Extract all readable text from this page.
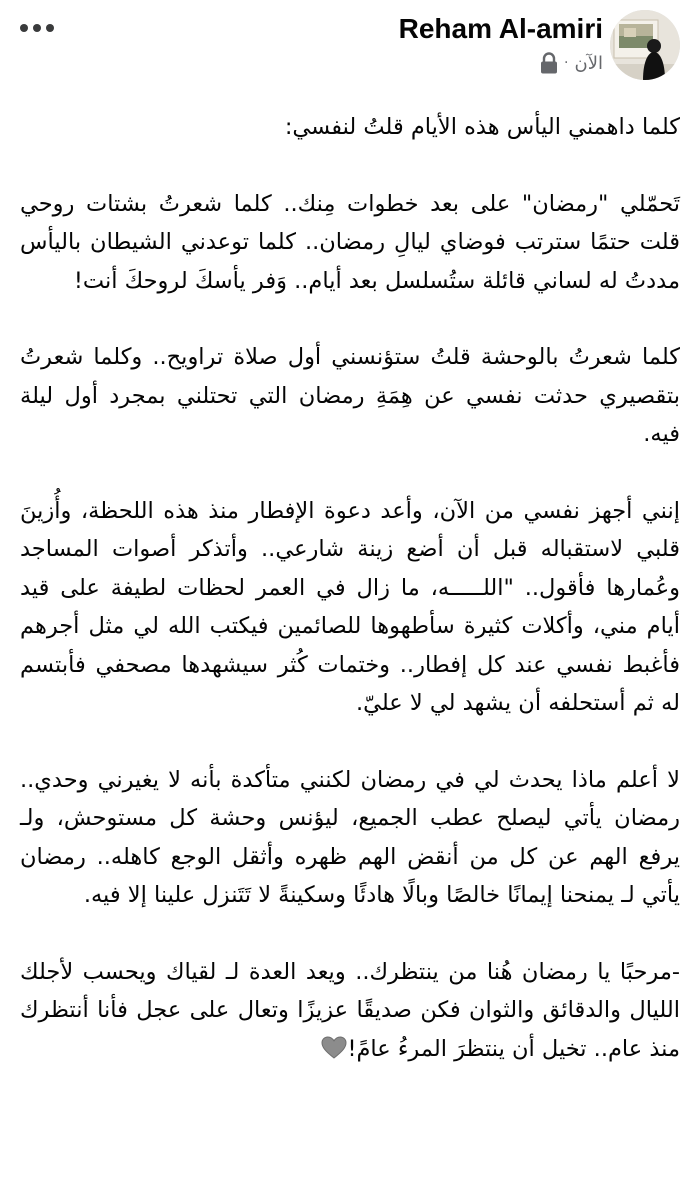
Reham Al-amiri
الآن
·

كلما داهمني اليأس هذه الأيام قلتُ لنفسي:

تَحمّلي "رمضان" على بعد خطوات مِنك.. كلما شعرتُ بشتات روحي قلت حتمًا سترتب فوضاي ليالِ رمضان.. كلما توعدني الشيطان باليأس مددتُ له لساني قائلة ستُسلسل بعد أيام.. وَفر يأسكَ لروحكَ أنت!

كلما شعرتُ بالوحشة قلتُ ستؤنسني أول صلاة تراويح.. وكلما شعرتُ بتقصيري حدثت نفسي عن هِمَةِ رمضان التي تحتلني بمجرد أول ليلة فيه.

إنني أجهز نفسي من الآن، وأعد دعوة الإفطار منذ هذه اللحظة، وأُزينَ قلبي لاستقباله قبل أن أضع زينة شارعي.. وأتذكر أصوات المساجد وعُمارها فأقول.. "اللـــــه، ما زال في العمر لحظات لطيفة على قيد أيام مني، وأكلات كثيرة سأطهوها للصائمين فيكتب الله لي مثل أجرهم فأغبط نفسي عند كل إفطار.. وختمات كُثر سيشهدها مصحفي فأبتسم له ثم أستحلفه أن يشهد لي لا عليّ.

لا أعلم ماذا يحدث لي في رمضان لكنني متأكدة بأنه لا يغيرني وحدي.. رمضان يأتي ليصلح عطب الجميع، ليؤنس وحشة كل مستوحش، ولـ يرفع الهم عن كل من أنقض الهم ظهره وأثقل الوجع كاهله.. رمضان يأتي لـ يمنحنا إيمانًا خالصًا وبالًا هادئًا وسكينةً لا تَتَنزل علينا إلا فيه.

-مرحبًا يا رمضان هُنا من ينتظرك.. ويعد العدة لـ لقياك ويحسب لأجلك الليال والدقائق والثوان فكن صديقًا عزيزًا وتعال على عجل فأنا أنتظرك منذ عام.. تخيل أن ينتظرَ المرءُ عامً!
